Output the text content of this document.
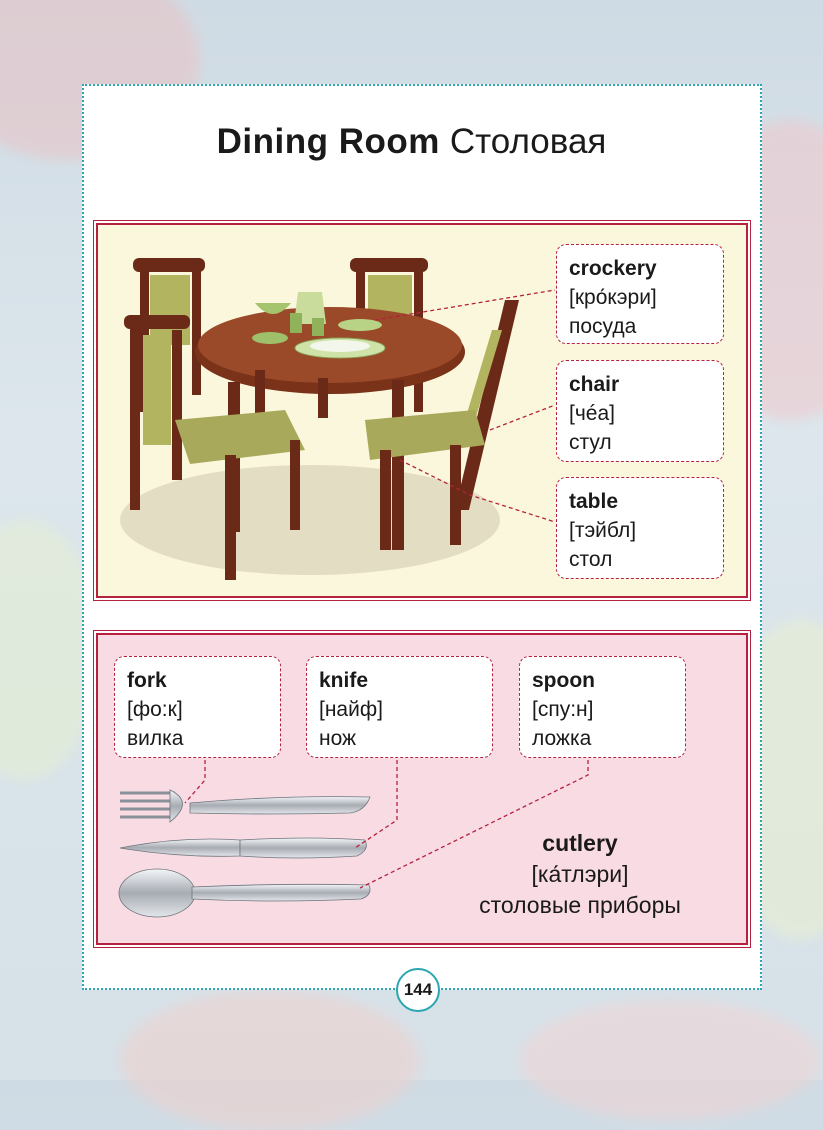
Dining Room Столовая
crockery
[кро́кэри]
посуда
chair
[чéа]
стул
table
[тэйбл]
стол
fork
[фо:к]
вилка
knife
[найф]
нож
spoon
[спу:н]
ложка
cutlery
[ка́тлэри]
столовые приборы
144
